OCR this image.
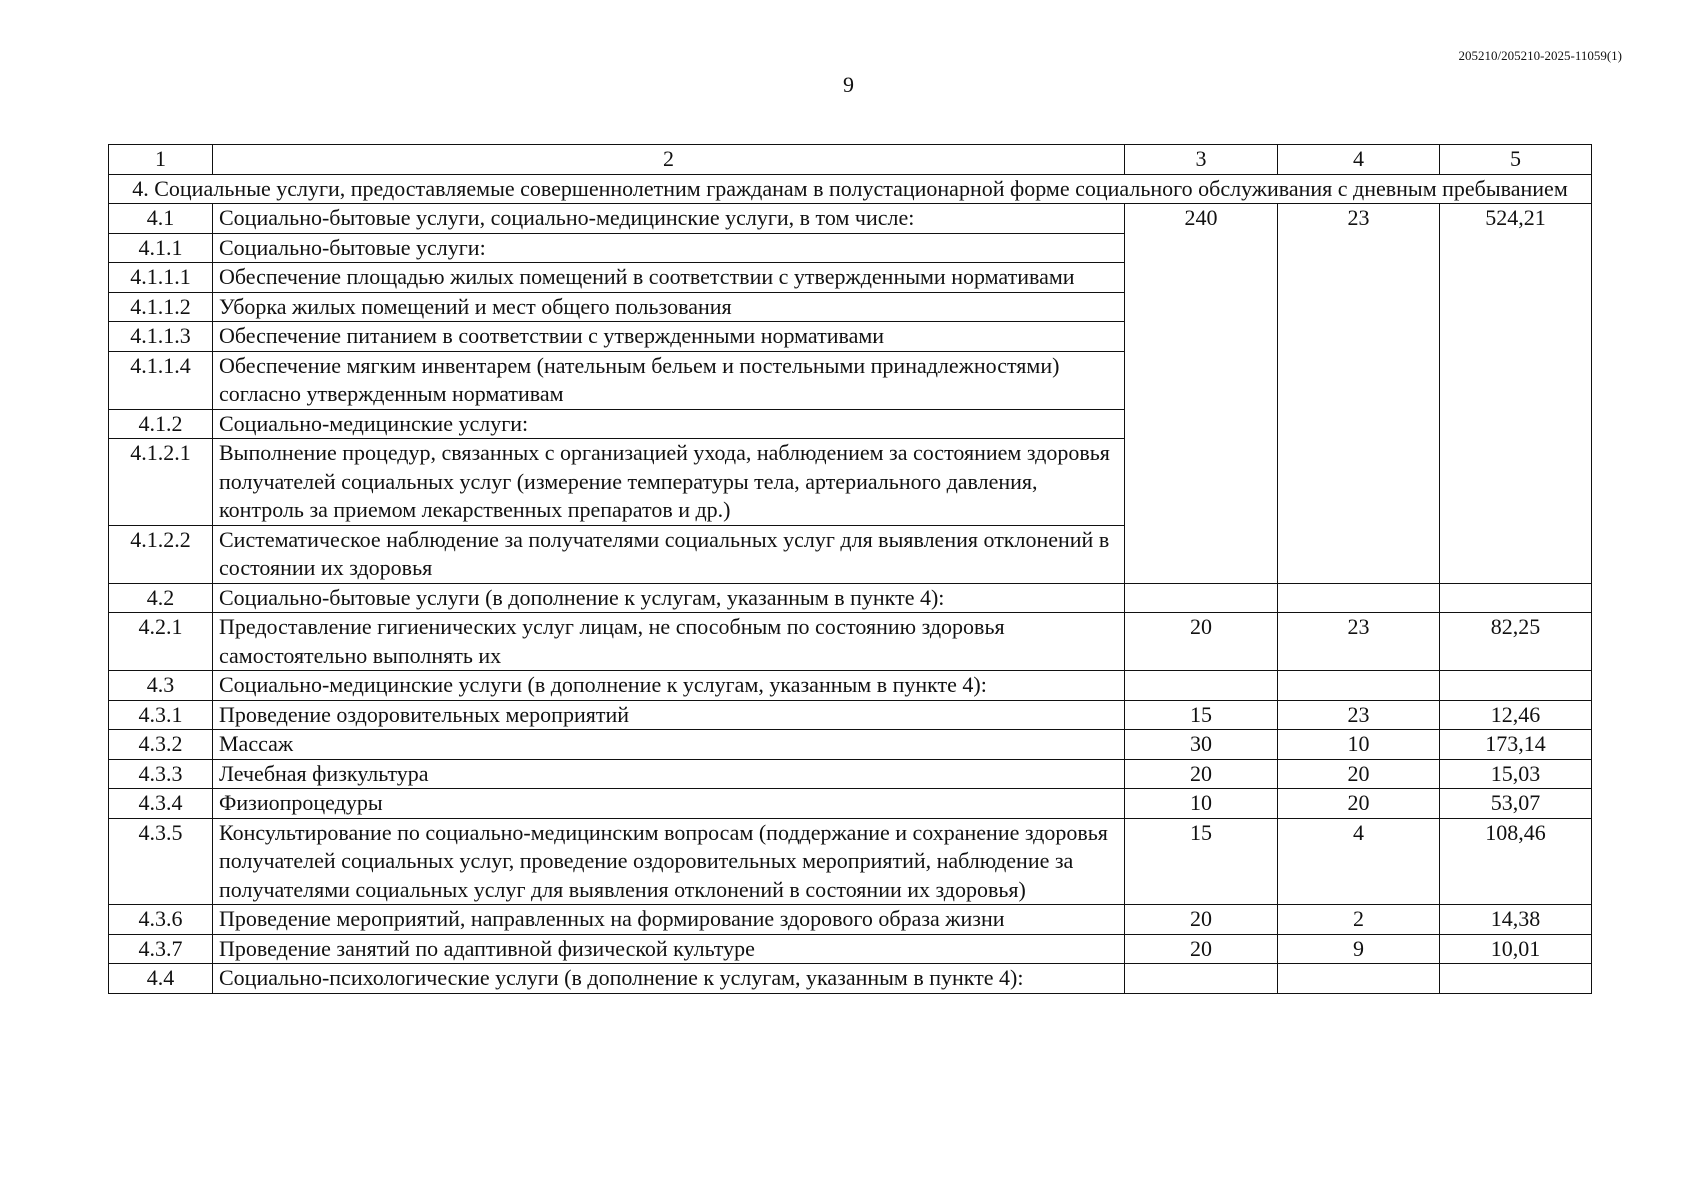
205210/205210-2025-11059(1)
9
1	2	3	4	5
4. Социальные услуги, предоставляемые совершеннолетним гражданам в полустационарной форме социального обслуживания с дневным пребыванием				
4.1	Социально-бытовые услуги, социально-медицинские услуги, в том числе:	240	23	524,21
4.1.1	Социально-бытовые услуги:			
4.1.1.1	Обеспечение площадью жилых помещений в соответствии с утвержденными нормативами			
4.1.1.2	Уборка жилых помещений и мест общего пользования			
4.1.1.3	Обеспечение питанием в соответствии с утвержденными нормативами			
4.1.1.4	Обеспечение мягким инвентарем (нательным бельем и постельными принадлежностями) согласно утвержденным нормативам			
4.1.2	Социально-медицинские услуги:			
4.1.2.1	Выполнение процедур, связанных с организацией ухода, наблюдением за состоянием здоровья получателей социальных услуг (измерение температуры тела, артериального давления, контроль за приемом лекарственных препаратов и др.)			
4.1.2.2	Систематическое наблюдение за получателями социальных услуг для выявления отклонений в состоянии их здоровья			
4.2	Социально-бытовые услуги (в дополнение к услугам, указанным в пункте 4):			
4.2.1	Предоставление гигиенических услуг лицам, не способным по состоянию здоровья самостоятельно выполнять их	20	23	82,25
4.3	Социально-медицинские услуги (в дополнение к услугам, указанным в пункте 4):			
4.3.1	Проведение оздоровительных мероприятий	15	23	12,46
4.3.2	Массаж	30	10	173,14
4.3.3	Лечебная физкультура	20	20	15,03
4.3.4	Физиопроцедуры	10	20	53,07
4.3.5	Консультирование по социально-медицинским вопросам (поддержание и сохранение здоровья получателей социальных услуг, проведение оздоровительных мероприятий, наблюдение за получателями социальных услуг для выявления отклонений в состоянии их здоровья)	15	4	108,46
4.3.6	Проведение мероприятий, направленных на формирование здорового образа жизни	20	2	14,38
4.3.7	Проведение занятий по адаптивной физической культуре	20	9	10,01
4.4	Социально-психологические услуги (в дополнение к услугам, указанным в пункте 4):			
